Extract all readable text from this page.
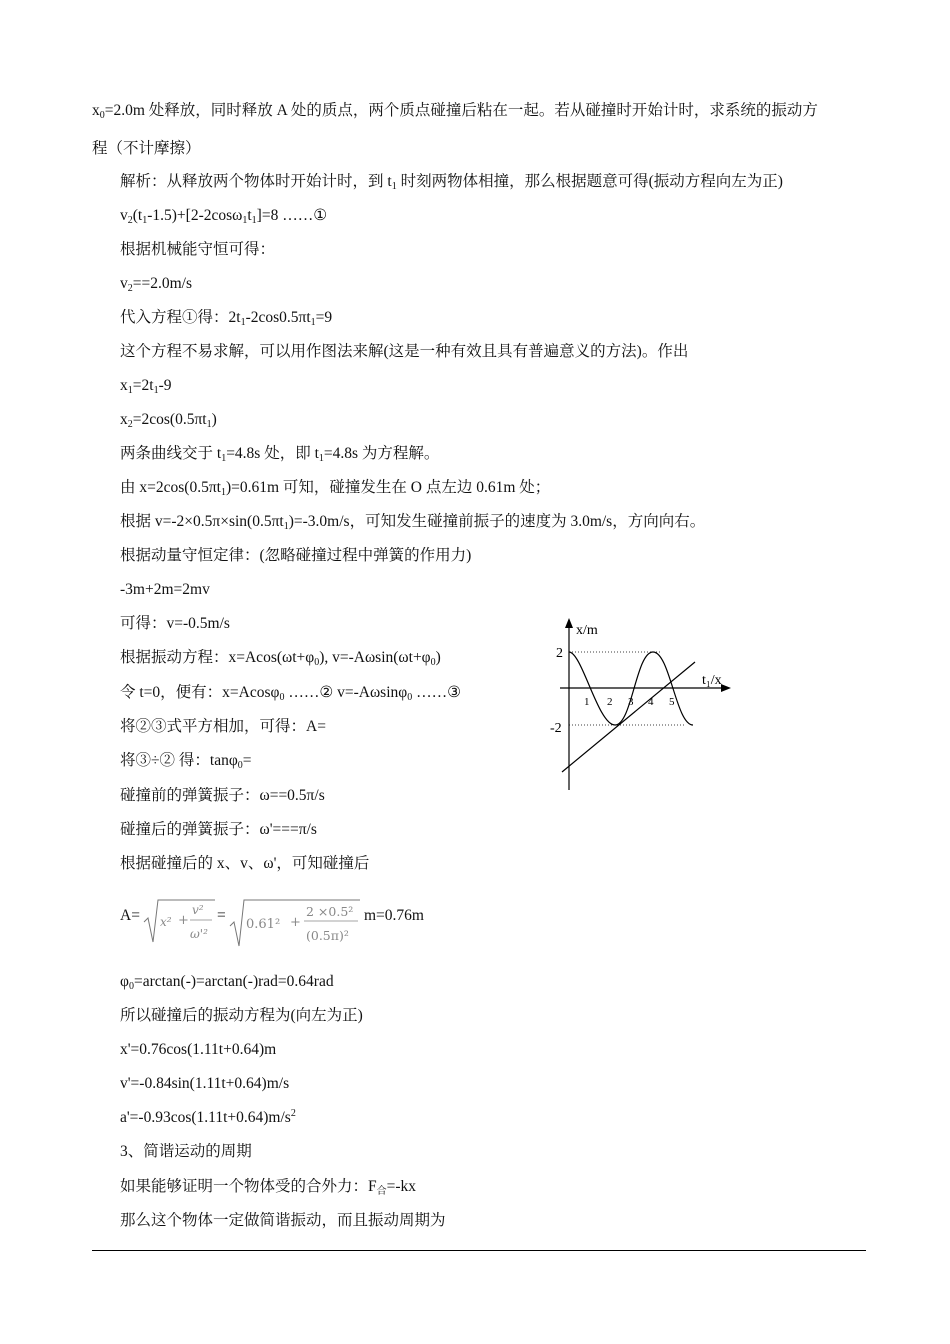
$x_0=2.0m$ 处释放，同时释放 A 处的质点，两个质点碰撞后粘在一起。若从碰撞时开始计时，求系统的振动方
程（不计摩擦）
解析：从释放两个物体时开始计时，到 $t_1$ 时刻两物体相撞，那么根据题意可得(振动方程向左为正)
$v_2(t_1-1.5)+[2-2\cos\omega_1t_1]=8$ ……①
根据机械能守恒可得：
$v_2==2.0m/s$
代入方程①得：$2t_1-2\cos 0.5\pi t_1=9$
这个方程不易求解，可以用作图法来解(这是一种有效且具有普遍意义的方法)。作出
$x_1=2t_1-9$
$x_2=2\cos(0.5\pi t_1)$
两条曲线交于 $t_1=4.8s$ 处，即 $t_1=4.8s$ 为方程解。
由 $x=2\cos(0.5\pi t_1)=0.61m$ 可知，碰撞发生在 O 点左边 0.61m 处；
根据 $v=-2\times 0.5\pi\times\sin(0.5\pi t_1)=-3.0m/s$，可知发生碰撞前振子的速度为 3.0m/s，方向向右。
根据动量守恒定律：(忽略碰撞过程中弹簧的作用力)
-3m+2m=2mv
可得：v=-0.5m/s
根据振动方程：$x=Acos(\omega t+\varphi_0)$, $v=-A\omega\sin(\omega t+\varphi_0)$
令 t=0，便有：x=Acosφ$_0$ ……② v=-Aωsinφ$_0$ ……③
将②③式平方相加，可得：A=
将③÷② 得：tanφ$_0$=
碰撞前的弹簧振子：ω==0.5π/s
碰撞后的弹簧振子：ω'===π/s
根据碰撞后的 x、v、ω'，可知碰撞后
$\varphi_0=\arctan(-)=\arctan(-)rad=0.64rad$
所以碰撞后的振动方程为(向左为正)
x'=0.76cos(1.11t+0.64)m
v'=-0.84sin(1.11t+0.64)m/s
$a'=-0.93\cos(1.11t+0.64)m/s^2$
3、简谐运动的周期
如果能够证明一个物体受的合外力：$F_合=-kx$
那么这个物体一定做简谐振动，而且振动周期为
A= x² +
v²
ω'²
=
0.61² +
2 ×0.5²
(0.5π)²
m=0.76m
x/m
t₁/x
2
-2
1 2 3 4 5
